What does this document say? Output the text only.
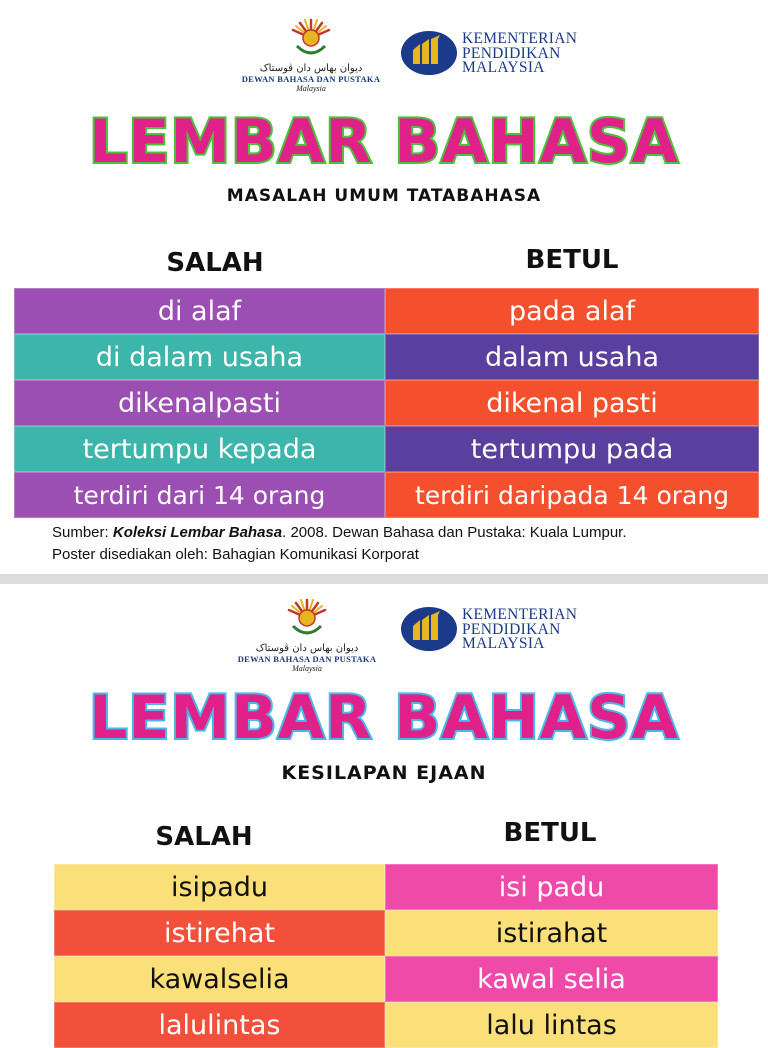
ديوان بهاس دان ڤوستاک
DEWAN BAHASA DAN PUSTAKA
Malaysia
KEMENTERIAN
PENDIDIKAN
MALAYSIA
LEMBAR BAHASA
MASALAH UMUM TATABAHASA
SALAH	BETUL
di alaf	pada alaf
di dalam usaha	dalam usaha
dikenalpasti	dikenal pasti
tertumpu kepada	tertumpu pada
terdiri dari 14 orang	terdiri daripada 14 orang
Sumber: Koleksi Lembar Bahasa. 2008. Dewan Bahasa dan Pustaka: Kuala Lumpur.
Poster disediakan oleh: Bahagian Komunikasi Korporat
ديوان بهاس دان ڤوستاک
DEWAN BAHASA DAN PUSTAKA
Malaysia
KEMENTERIAN
PENDIDIKAN
MALAYSIA
LEMBAR BAHASA
KESILAPAN EJAAN
SALAH	BETUL
isipadu	isi padu
istirehat	istirahat
kawalselia	kawal selia
lalulintas	lalu lintas
